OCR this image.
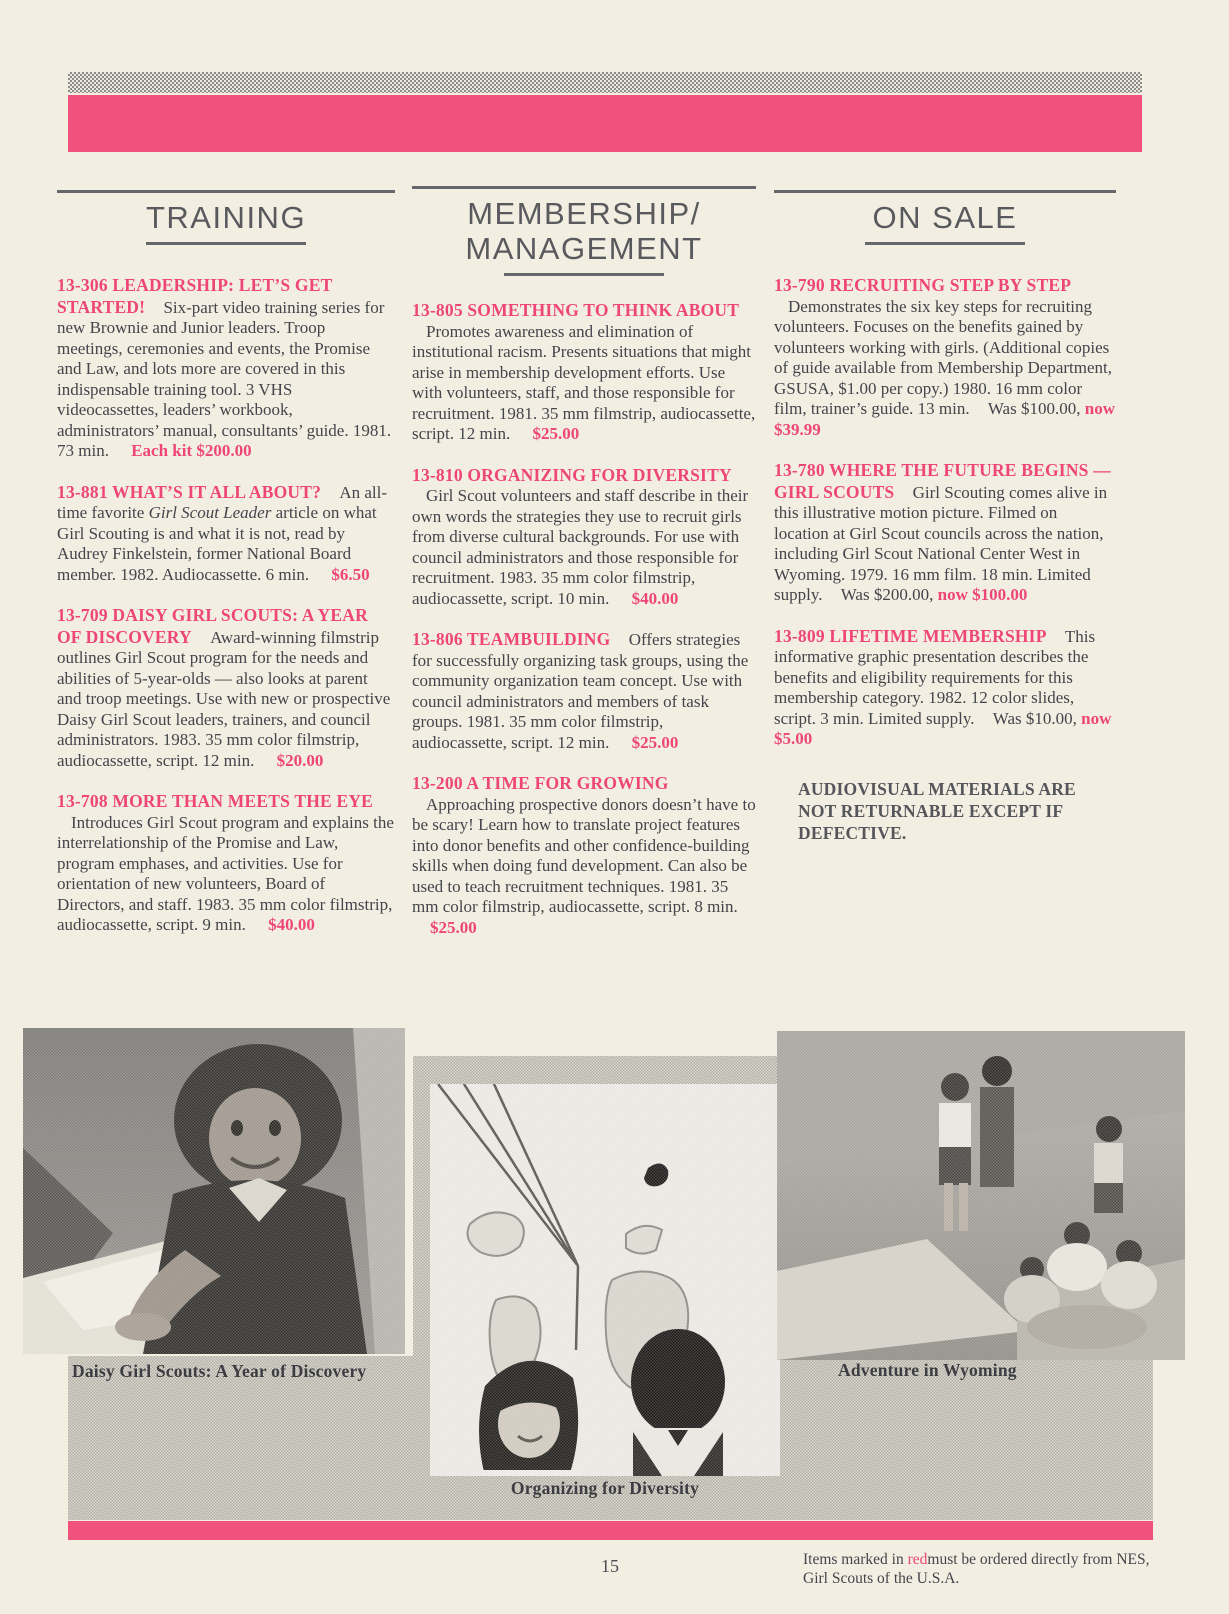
TRAINING

13-306 LEADERSHIP: LET’S GET STARTED! Six-part video training series for new Brownie and Junior leaders. Troop meetings, ceremonies and events, the Promise and Law, and lots more are covered in this indispensable training tool. 3 VHS videocassettes, leaders’ workbook, administrators’ manual, consultants’ guide. 1981. 73 min. Each kit $200.00

13-881 WHAT’S IT ALL ABOUT? An all-time favorite Girl Scout Leader article on what Girl Scouting is and what it is not, read by Audrey Finkelstein, former National Board member. 1982. Audiocassette. 6 min. $6.50

13-709 DAISY GIRL SCOUTS: A YEAR OF DISCOVERY Award-winning filmstrip outlines Girl Scout program for the needs and abilities of 5-year-olds — also looks at parent and troop meetings. Use with new or prospective Daisy Girl Scout leaders, trainers, and council administrators. 1983. 35 mm color filmstrip, audiocassette, script. 12 min. $20.00

13-708 MORE THAN MEETS THE EYE Introduces Girl Scout program and explains the interrelationship of the Promise and Law, program emphases, and activities. Use for orientation of new volunteers, Board of Directors, and staff. 1983. 35 mm color filmstrip, audiocassette, script. 9 min. $40.00

MEMBERSHIP/
MANAGEMENT

13-805 SOMETHING TO THINK ABOUT Promotes awareness and elimination of institutional racism. Presents situations that might arise in membership development efforts. Use with volunteers, staff, and those responsible for recruitment. 1981. 35 mm filmstrip, audiocassette, script. 12 min. $25.00

13-810 ORGANIZING FOR DIVERSITY Girl Scout volunteers and staff describe in their own words the strategies they use to recruit girls from diverse cultural backgrounds. For use with council administrators and those responsible for recruitment. 1983. 35 mm color filmstrip, audiocassette, script. 10 min. $40.00

13-806 TEAMBUILDING Offers strategies for successfully organizing task groups, using the community organization team concept. Use with council administrators and members of task groups. 1981. 35 mm color filmstrip, audiocassette, script. 12 min. $25.00

13-200 A TIME FOR GROWING Approaching prospective donors doesn’t have to be scary! Learn how to translate project features into donor benefits and other confidence-building skills when doing fund development. Can also be used to teach recruitment techniques. 1981. 35 mm color filmstrip, audiocassette, script. 8 min. $25.00

ON SALE

13-790 RECRUITING STEP BY STEP Demonstrates the six key steps for recruiting volunteers. Focuses on the benefits gained by volunteers working with girls. (Additional copies of guide available from Membership Department, GSUSA, $1.00 per copy.) 1980. 16 mm color film, trainer’s guide. 13 min. Was $100.00, now $39.99

13-780 WHERE THE FUTURE BEGINS — GIRL SCOUTS Girl Scouting comes alive in this illustrative motion picture. Filmed on location at Girl Scout councils across the nation, including Girl Scout National Center West in Wyoming. 1979. 16 mm film. 18 min. Limited supply. Was $200.00, now $100.00

13-809 LIFETIME MEMBERSHIP This informative graphic presentation describes the benefits and eligibility requirements for this membership category. 1982. 12 color slides, script. 3 min. Limited supply. Was $10.00, now $5.00

AUDIOVISUAL MATERIALS ARE NOT RETURNABLE EXCEPT IF DEFECTIVE.

Daisy Girl Scouts: A Year of Discovery
Organizing for Diversity
Adventure in Wyoming
15	Items marked in redmust be ordered directly from NES,
Girl Scouts of the U.S.A.
